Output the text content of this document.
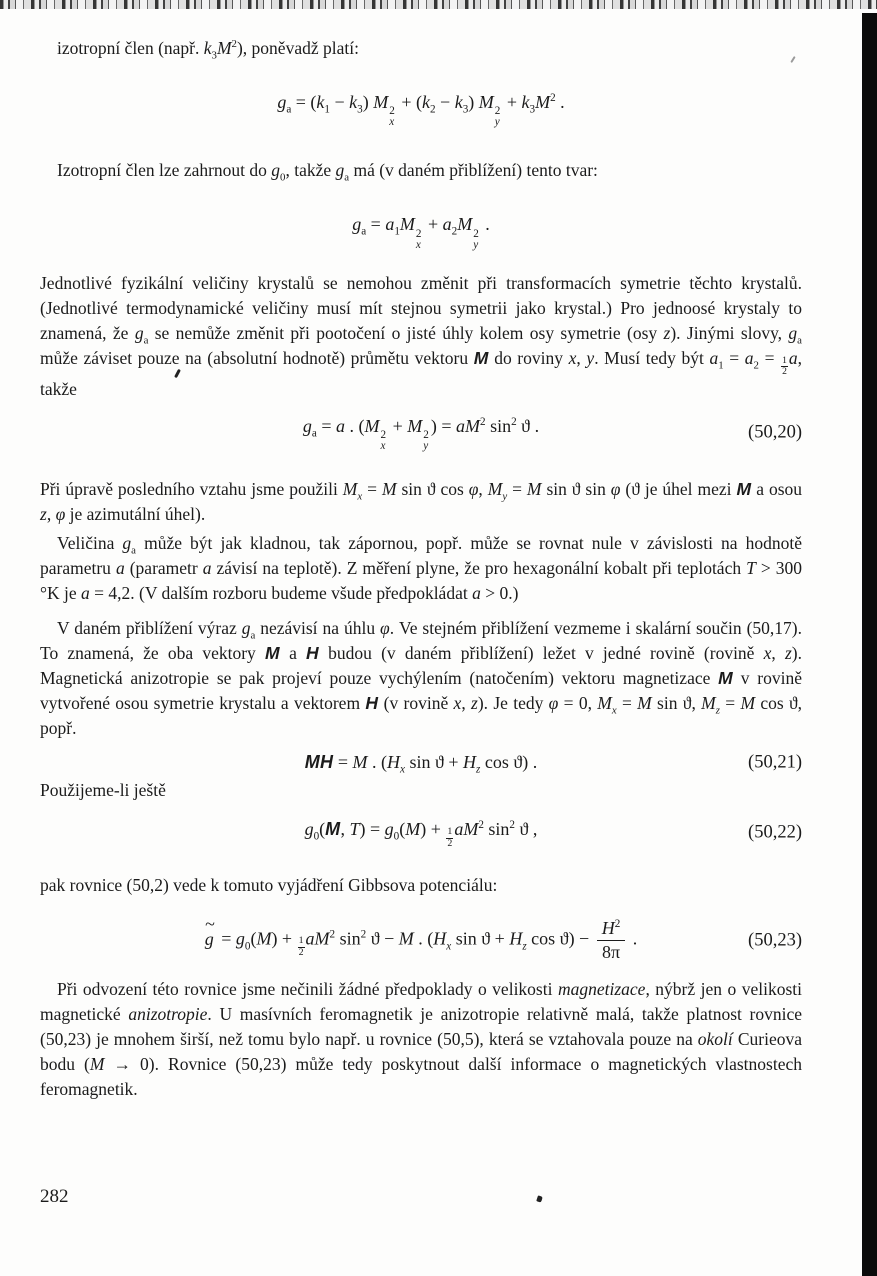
izotropní člen (např. $k_3M^2$), poněvadž platí:

$g_a = (k_1 - k_3)$ M 2
x
+ $(k_2 - k_3)$ M 2
y
+ $k_3M^2$ .

Izotropní člen lze zahrnout do $g_0$, takže $g_a$ má (v daném přiblížení) tento tvar:

$g_a = a_1M$ 2
x
+ $a_2M$ 2
y
.

Jednotlivé fyzikální veličiny krystalů se nemohou změnit při transformacích symetrie těchto krystalů. (Jednotlivé termodynamické veličiny musí mít stejnou symetrii jako krystal.) Pro jednoosé krystaly to znamená, že $g_a$ se nemůže změnit při pootočení o jisté úhly kolem osy symetrie (osy z). Jinými slovy, $g_a$ může záviset pouze na (absolutní hodnotě) průmětu vektoru M do roviny x, y. Musí tedy být $a_1 = a_2 = \frac{1}{2} a$, takže

$g_a = a$ . (M 2
x
+ M 2
y
) = $aM^2$ $\sin^2 ϑ$ .	(50,20)

Při úpravě posledního vztahu jsme použili $M_x = M$ sin ϑ cos φ, $M_y = M$ sin ϑ sin φ (ϑ je úhel mezi M a osou z, φ je azimutální úhel).

Veličina $g_a$ může být jak kladnou, tak zápornou, popř. může se rovnat nule v závislosti na hodnotě parametru a (parametr a závisí na teplotě). Z měření plyne, že pro hexagonální kobalt při teplotách T > 300 °K je a = 4,2. (V dalším rozboru budeme všude předpokládat a > 0.)

V daném přiblížení výraz $g_a$ nezávisí na úhlu φ. Ve stejném přiblížení vezmeme i skalární součin (50,17). To znamená, že oba vektory M a H budou (v daném přiblížení) ležet v jedné rovině (rovině x, z). Magnetická anizotropie se pak projeví pouze vychýlením (natočením) vektoru magnetizace M v rovině vytvořené osou symetrie krystalu a vektorem H (v rovině x, z). Je tedy φ = 0, $M_x = M$ sin ϑ, $M_z = M$ cos ϑ, popř.

MH = M . ($H_x$ $\sin ϑ + H_z$ cos ϑ) .	(50,21)

Použijeme-li ještě

$g_0(M$, $T) = g_0(M) + \frac{1}{2} aM^2$ $\sin^2 ϑ$ ,	(50,22)

pak rovnice (50,2) vede k tomuto vyjádření Gibbsova potenciálu:

g
~
= $g_0(M) + \frac{1}{2} aM^2$ $\sin^2 ϑ - M$ . ($H_x$ $\sin ϑ + H_z$ $\cos ϑ) - \frac{H^2}{8\pi}$ .	(50,23)

Při odvození této rovnice jsme nečinili žádné předpoklady o velikosti magnetizace, nýbrž jen o velikosti magnetické anizotropie. U masívních feromagnetik je anizotropie relativně malá, takže platnost rovnice (50,23) je mnohem širší, než tomu bylo např. u rovnice (50,5), která se vztahovala pouze na okolí Curieova bodu (M → 0). Rovnice (50,23) může tedy poskytnout další informace o magnetických vlastnostech feromagnetik.

282
